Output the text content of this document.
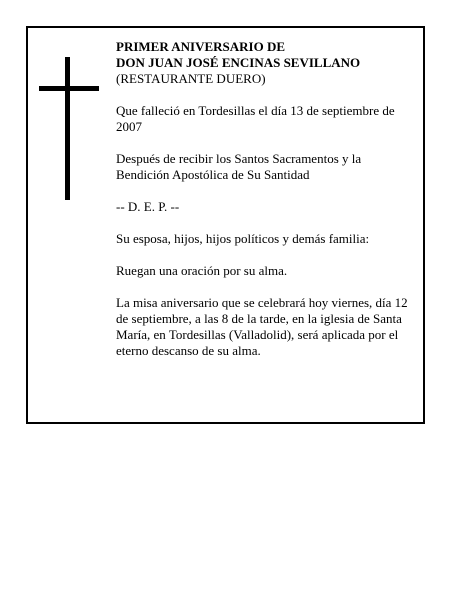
PRIMER ANIVERSARIO DE

DON JUAN JOSÉ ENCINAS SEVILLANO

(RESTAURANTE DUERO)

Que falleció en Tordesillas el día 13 de septiembre de 2007

Después de recibir los Santos Sacramentos y la Bendición Apostólica de Su Santidad

-- D. E. P. --

Su esposa, hijos, hijos políticos y demás familia:

Ruegan una oración por su alma.

La misa aniversario que se celebrará hoy viernes, día 12 de septiembre, a las 8 de la tarde, en la iglesia de Santa María, en Tordesillas (Valladolid), será aplicada por el eterno descanso de su alma.
